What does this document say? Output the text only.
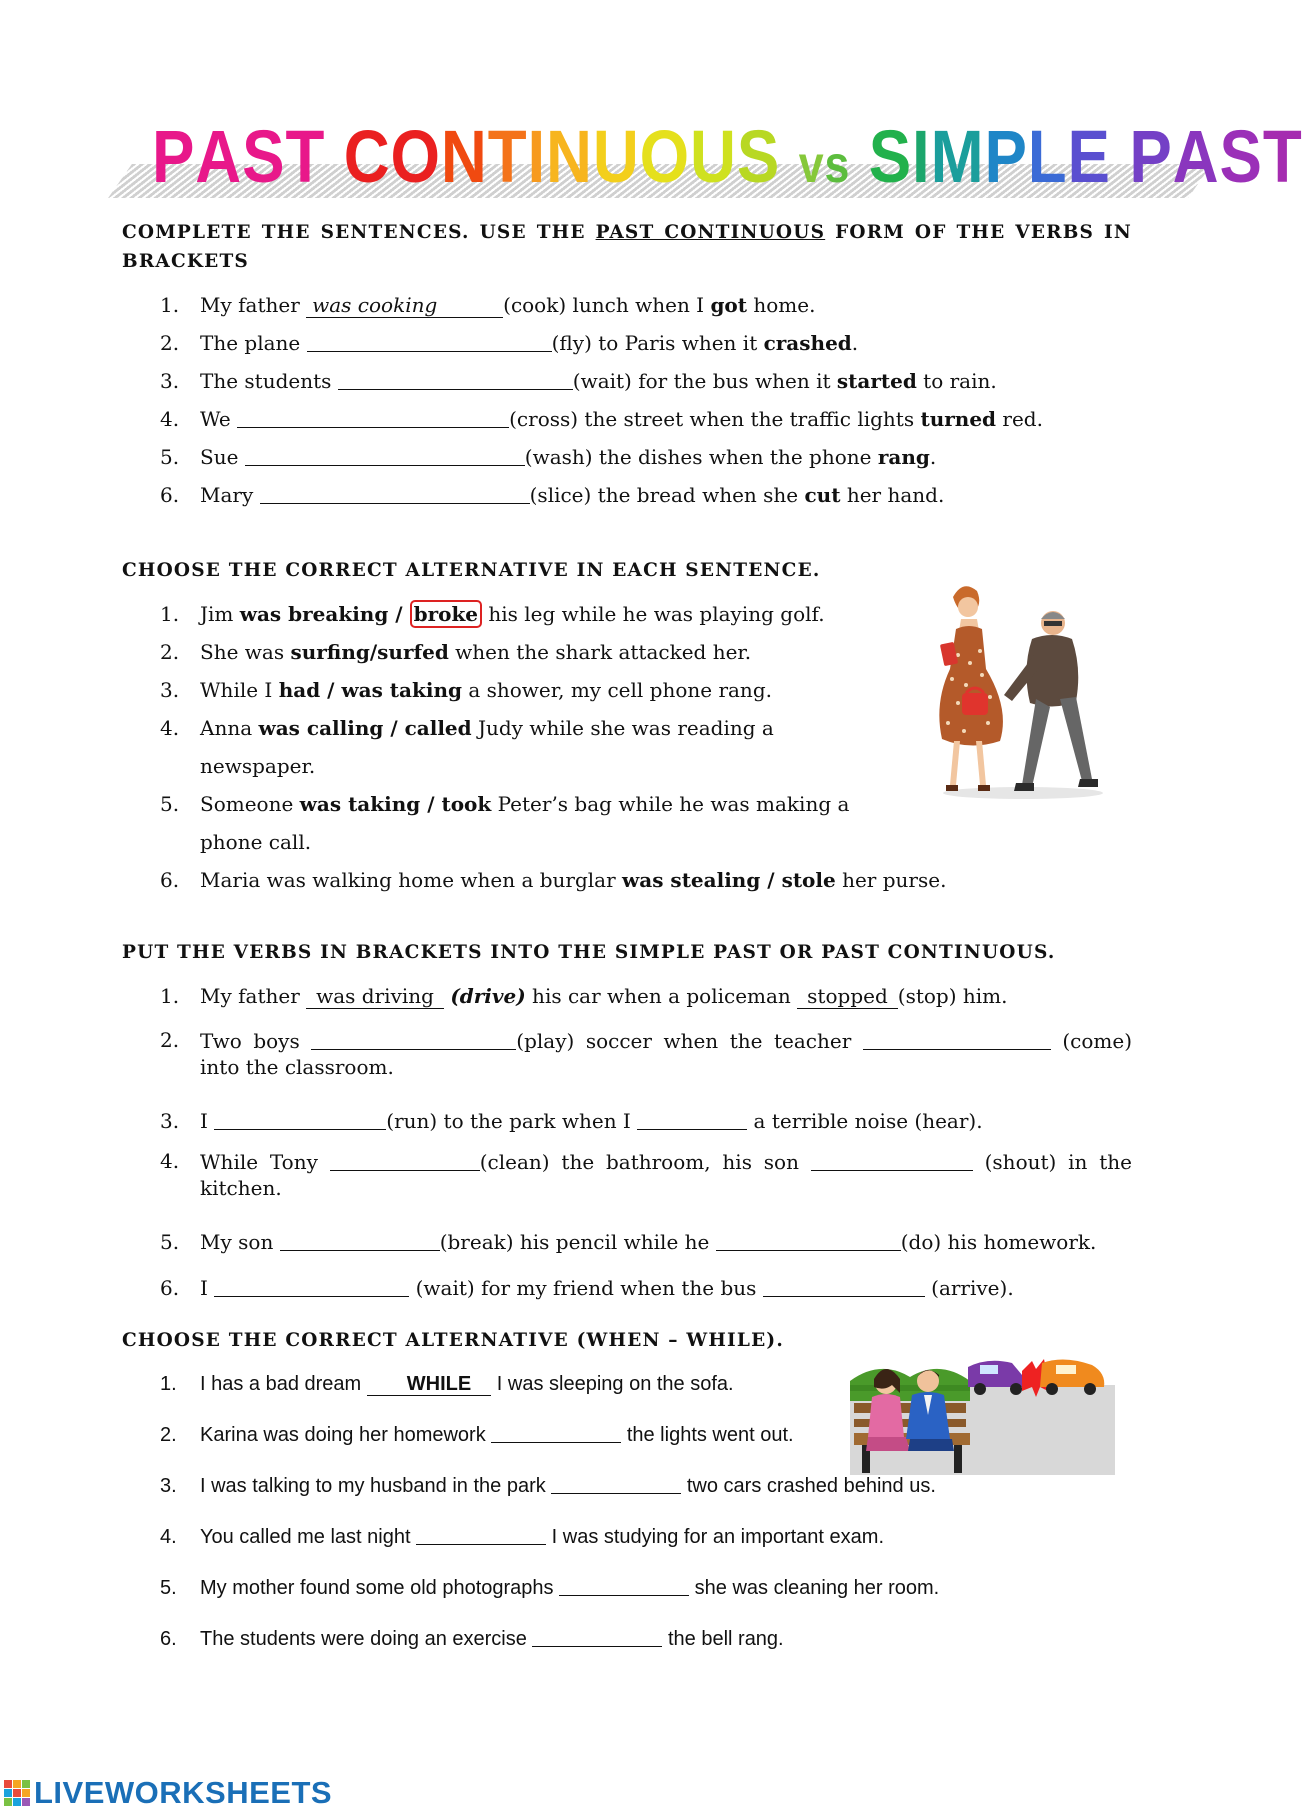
PAST CONTINUOUS vs SIMPLE PAST
COMPLETE THE SENTENCES. USE THE PAST CONTINUOUS FORM OF THE VERBS IN BRACKETS
1.	My father was cooking	(cook) lunch when I got home.
2.	The plane	(fly) to Paris when it crashed.
3.	The students	(wait) for the bus when it started to rain.
4.	We	(cross) the street when the traffic lights turned red.
5.	Sue	(wash) the dishes when the phone rang.
6.	Mary	(slice) the bread when she cut her hand.
CHOOSE THE CORRECT ALTERNATIVE IN EACH SENTENCE.
1.	Jim was breaking / broke his leg while he was playing golf.
2.	She was surfing/surfed when the shark attacked her.
3.	While I had / was taking a shower, my cell phone rang.
4.	Anna was calling / called Judy while she was reading a newspaper.
5.	Someone was taking / took Peter’s bag while he was making a phone call.
6.	Maria was walking home when a burglar was stealing / stole her purse.
PUT THE VERBS IN BRACKETS INTO THE SIMPLE PAST OR PAST CONTINUOUS.
1.	My father was driving (drive) his car when a policeman stopped (stop) him.
2.	Two boys	(play) soccer when the teacher	(come) into the classroom.
3.	I	(run) to the park when I	a terrible noise (hear).
4.	While Tony	(clean) the bathroom, his son	(shout) in the kitchen.
5.	My son	(break) his pencil while he	(do) his homework.
6.	I	(wait) for my friend when the bus	(arrive).
CHOOSE THE CORRECT ALTERNATIVE (WHEN – WHILE).
1.	I has a bad dream WHILE I was sleeping on the sofa.
2.	Karina was doing her homework	the lights went out.
3.	I was talking to my husband in the park	two cars crashed behind us.
4.	You called me last night	I was studying for an important exam.
5.	My mother found some old photographs	she was cleaning her room.
6.	The students were doing an exercise	the bell rang.
LIVEWORKSHEETS
